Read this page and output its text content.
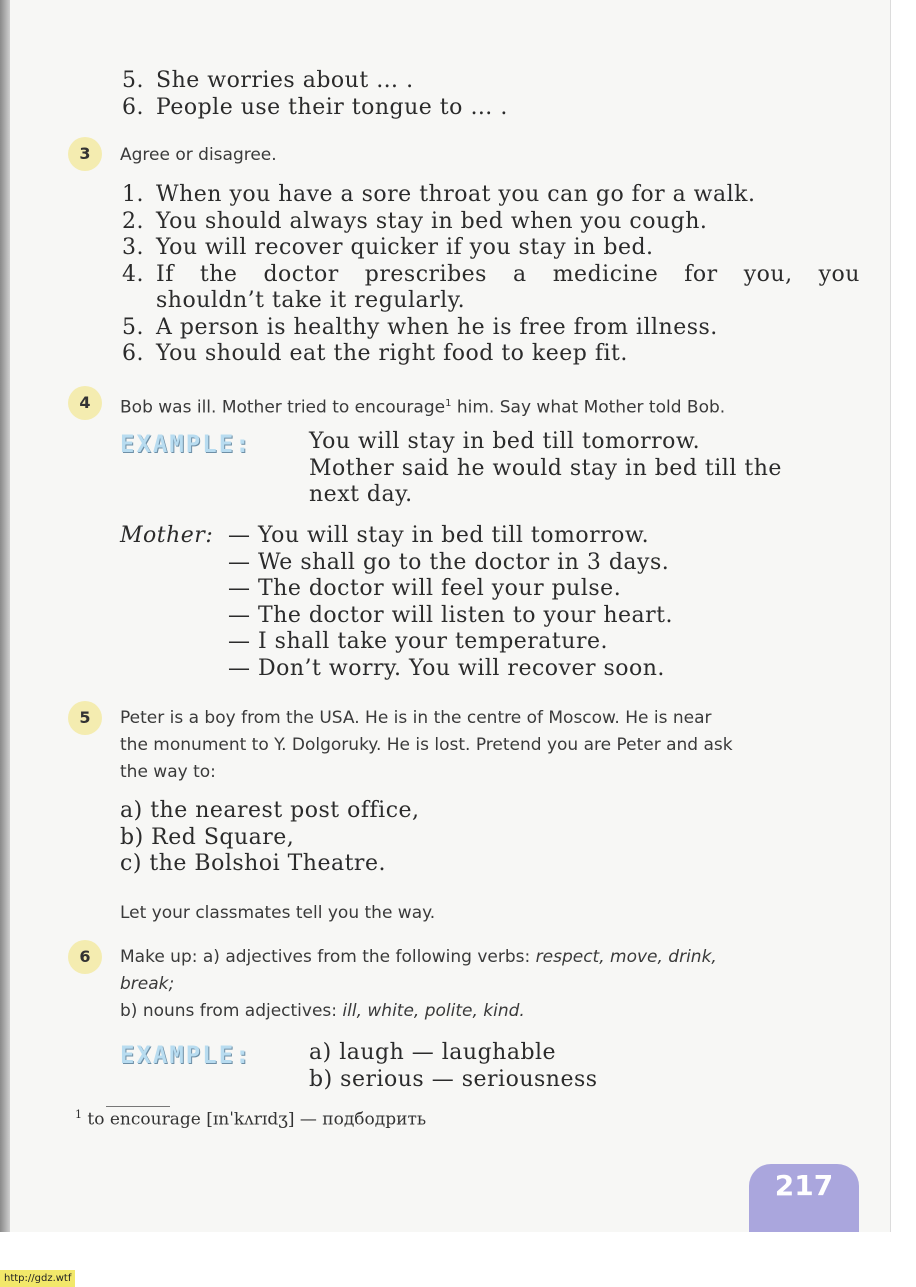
5. She worries about … .
6. People use their tongue to … .
3	Agree or disagree.
1. When you have a sore throat you can go for a walk.
2. You should always stay in bed when you cough.
3. You will recover quicker if you stay in bed.
4. If the doctor prescribes a medicine for you, you
shouldn’t take it regularly.
5. A person is healthy when he is free from illness.
6. You should eat the right food to keep fit.
4	Bob was ill. Mother tried to encourage$^1$ him. Say what Mother told Bob.
EXAMPLE:	You will stay in bed till tomorrow.
Mother said he would stay in bed till the
next day.
Mother: — You will stay in bed till tomorrow.
— We shall go to the doctor in 3 days.
— The doctor will feel your pulse.
— The doctor will listen to your heart.
— I shall take your temperature.
— Don’t worry. You will recover soon.
5	Peter is a boy from the USA. He is in the centre of Moscow. He is near
the monument to Y. Dolgoruky. He is lost. Pretend you are Peter and ask
the way to:
a) the nearest post office,
b) Red Square,
c) the Bolshoi Theatre.
Let your classmates tell you the way.
6	Make up: a) adjectives from the following verbs: respect, move, drink,
break;
b) nouns from adjectives: ill, white, polite, kind.
EXAMPLE:	a) laugh — laughable
b) serious — seriousness
$^1$ to encourage [ɪnˈkʌrɪdʒ] — подбодрить
217
http://gdz.wtf
